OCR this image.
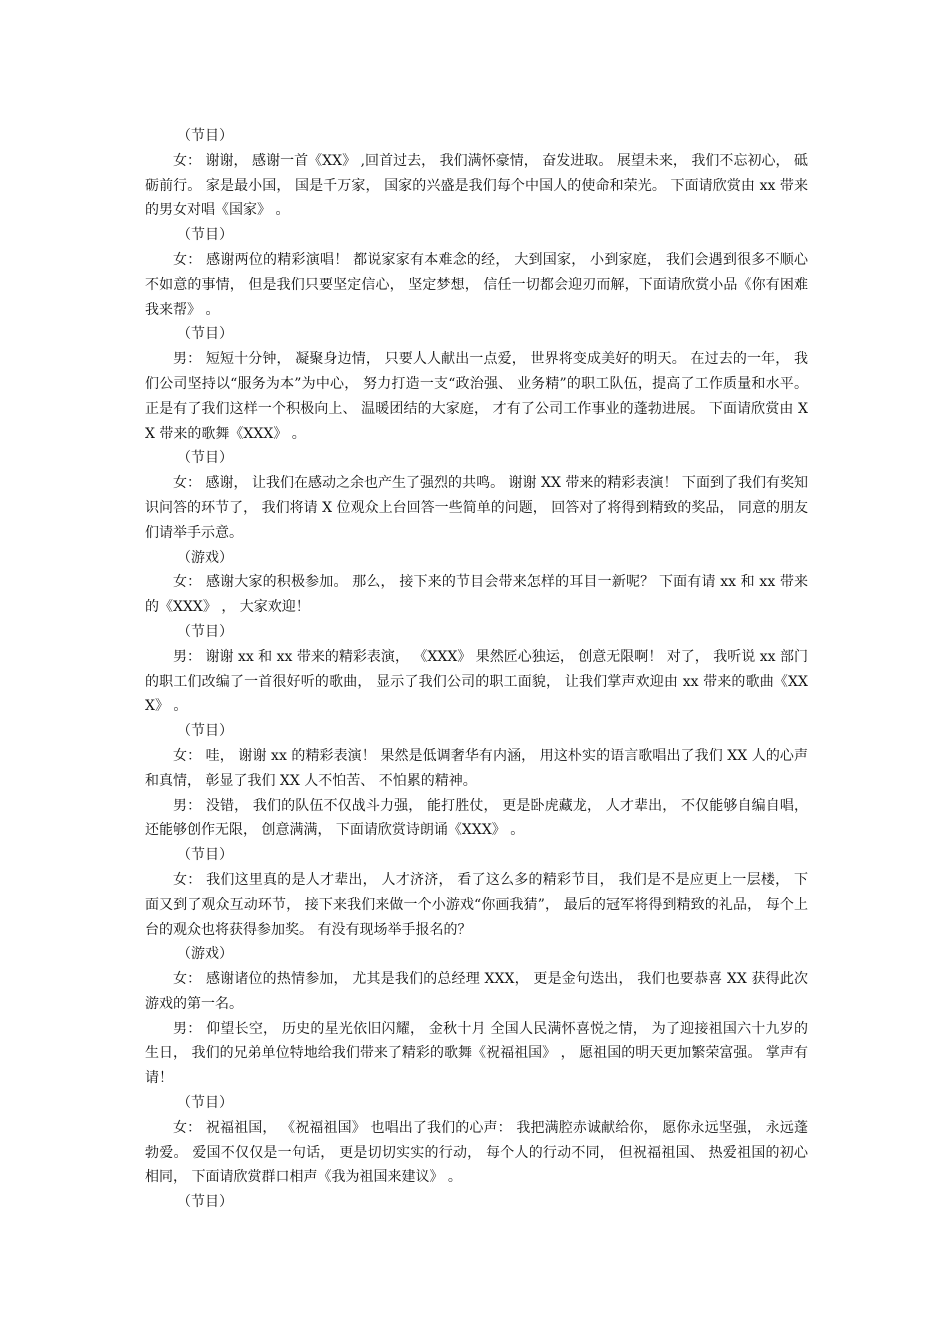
（节目）

女： 谢谢， 感谢一首《XX》 ,回首过去， 我们满怀豪情， 奋发进取。 展望未来， 我们不忘初心， 砥砺前行。 家是最小国， 国是千万家， 国家的兴盛是我们每个中国人的使命和荣光。 下面请欣赏由 xx 带来的男女对唱《国家》 。

（节目）

女： 感谢两位的精彩演唱！ 都说家家有本难念的经， 大到国家， 小到家庭， 我们会遇到很多不顺心不如意的事情， 但是我们只要坚定信心， 坚定梦想， 信任一切都会迎刃而解，下面请欣赏小品《你有困难我来帮》 。

（节目）

男： 短短十分钟， 凝聚身边情， 只要人人献出一点爱， 世界将变成美好的明天。 在过去的一年， 我们公司坚持以“服务为本”为中心， 努力打造一支“政治强、 业务精”的职工队伍，提高了工作质量和水平。 正是有了我们这样一个积极向上、 温暖团结的大家庭， 才有了公司工作事业的蓬勃进展。 下面请欣赏由 XX 带来的歌舞《XXX》 。

（节目）

女： 感谢， 让我们在感动之余也产生了强烈的共鸣。 谢谢 XX 带来的精彩表演！ 下面到了我们有奖知识问答的环节了， 我们将请 X 位观众上台回答一些简单的问题， 回答对了将得到精致的奖品， 同意的朋友们请举手示意。

（游戏）

女： 感谢大家的积极参加。 那么， 接下来的节目会带来怎样的耳目一新呢？ 下面有请 xx 和 xx 带来的《XXX》 ， 大家欢迎！

（节目）

男： 谢谢 xx 和 xx 带来的精彩表演， 《XXX》 果然匠心独运， 创意无限啊！ 对了， 我听说 xx 部门的职工们改编了一首很好听的歌曲， 显示了我们公司的职工面貌， 让我们掌声欢迎由 xx 带来的歌曲《XXX》 。

（节目）

女： 哇， 谢谢 xx 的精彩表演！ 果然是低调奢华有内涵， 用这朴实的语言歌唱出了我们 XX 人的心声和真情， 彰显了我们 XX 人不怕苦、 不怕累的精神。

男： 没错， 我们的队伍不仅战斗力强， 能打胜仗， 更是卧虎藏龙， 人才辈出， 不仅能够自编自唱， 还能够创作无限， 创意满满， 下面请欣赏诗朗诵《XXX》 。

（节目）

女： 我们这里真的是人才辈出， 人才济济， 看了这么多的精彩节目， 我们是不是应更上一层楼， 下面又到了观众互动环节， 接下来我们来做一个小游戏“你画我猜”， 最后的冠军将得到精致的礼品， 每个上台的观众也将获得参加奖。 有没有现场举手报名的？

（游戏）

女： 感谢诸位的热情参加， 尤其是我们的总经理 XXX， 更是金句迭出， 我们也要恭喜 XX 获得此次游戏的第一名。

男： 仰望长空， 历史的星光依旧闪耀， 金秋十月 全国人民满怀喜悦之情， 为了迎接祖国六十九岁的生日， 我们的兄弟单位特地给我们带来了精彩的歌舞《祝福祖国》 ， 愿祖国的明天更加繁荣富强。 掌声有请！

（节目）

女： 祝福祖国， 《祝福祖国》 也唱出了我们的心声： 我把满腔赤诚献给你， 愿你永远坚强， 永远蓬勃爱。 爱国不仅仅是一句话， 更是切切实实的行动， 每个人的行动不同， 但祝福祖国、 热爱祖国的初心相同， 下面请欣赏群口相声《我为祖国来建议》 。

（节目）
